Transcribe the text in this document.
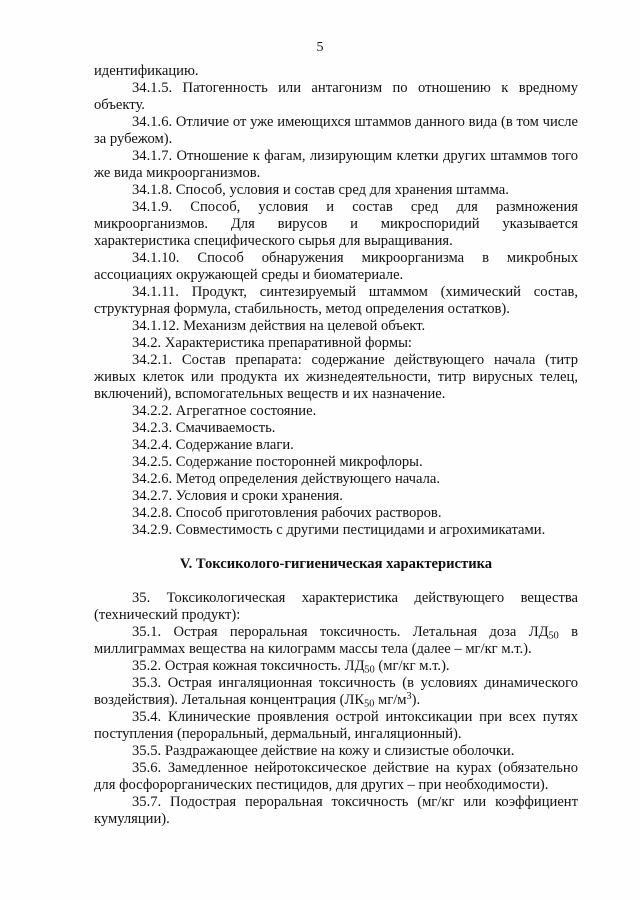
5

идентификацию.

34.1.5. Патогенность или антагонизм по отношению к вредному объекту.

34.1.6. Отличие от уже имеющихся штаммов данного вида (в том числе за рубежом).

34.1.7. Отношение к фагам, лизирующим клетки других штаммов того же вида микроорганизмов.

34.1.8. Способ, условия и состав сред для хранения штамма.

34.1.9. Способ, условия и состав сред для размножения микроорганизмов. Для вирусов и микроспоридий указывается характеристика специфического сырья для выращивания.

34.1.10. Способ обнаружения микроорганизма в микробных ассоциациях окружающей среды и биоматериале.

34.1.11. Продукт, синтезируемый штаммом (химический состав, структурная формула, стабильность, метод определения остатков).

34.1.12. Механизм действия на целевой объект.

34.2. Характеристика препаративной формы:

34.2.1. Состав препарата: содержание действующего начала (титр живых клеток или продукта их жизнедеятельности, титр вирусных телец, включений), вспомогательных веществ и их назначение.

34.2.2. Агрегатное состояние.

34.2.3. Смачиваемость.

34.2.4. Содержание влаги.

34.2.5. Содержание посторонней микрофлоры.

34.2.6. Метод определения действующего начала.

34.2.7. Условия и сроки хранения.

34.2.8. Способ приготовления рабочих растворов.

34.2.9. Совместимость с другими пестицидами и агрохимикатами.

V. Токсиколого-гигиеническая характеристика

35. Токсикологическая характеристика действующего вещества (технический продукт):

35.1. Острая пероральная токсичность. Летальная доза $ЛД_{50}$ в миллиграммах вещества на килограмм массы тела (далее – мг/кг м.т.).

35.2. Острая кожная токсичность. $ЛД_{50}$ (мг/кг м.т.).

35.3. Острая ингаляционная токсичность (в условиях динамического воздействия). Летальная концентрация ($ЛК_{50}$ $мг/м^3$).

35.4. Клинические проявления острой интоксикации при всех путях поступления (пероральный, дермальный, ингаляционный).

35.5. Раздражающее действие на кожу и слизистые оболочки.

35.6. Замедленное нейротоксическое действие на курах (обязательно для фосфорорганических пестицидов, для других – при необходимости).

35.7. Подострая пероральная токсичность (мг/кг или коэффициент кумуляции).
